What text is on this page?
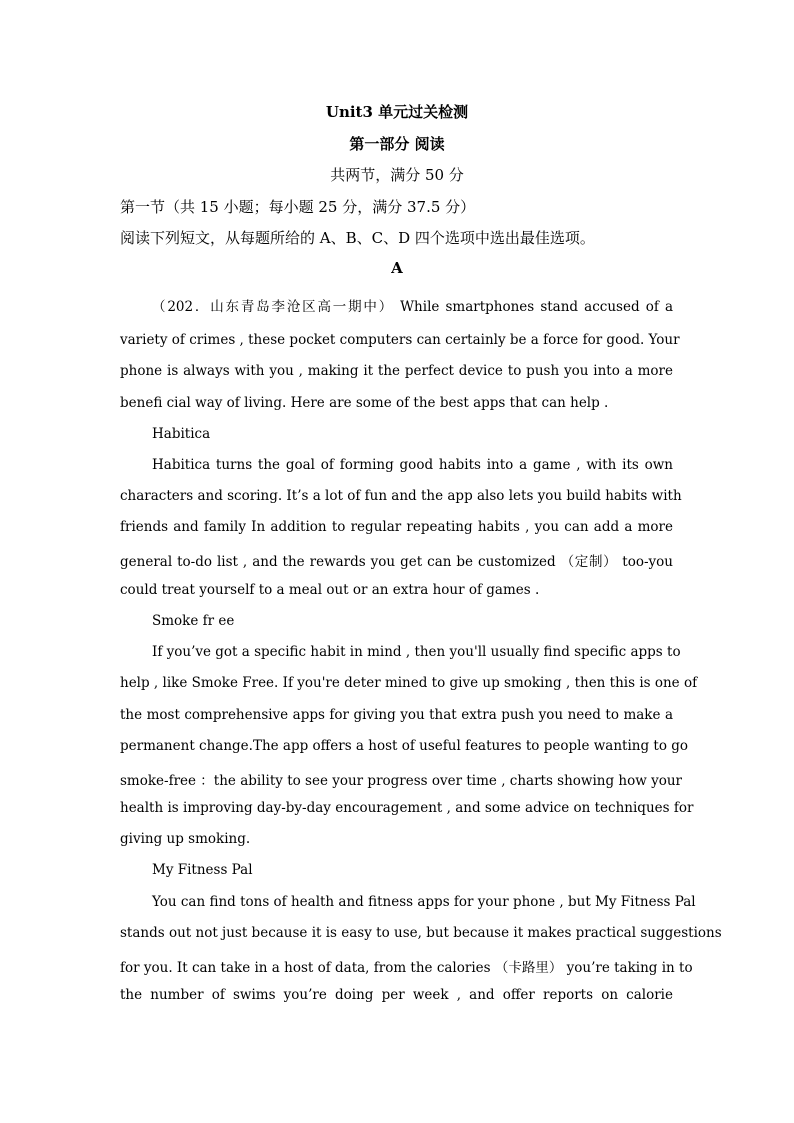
Unit3 单元过关检测
第一部分 阅读
共两节，满分 50 分
第一节（共 15 小题；每小题 25 分，满分 37.5 分）
阅读下列短文，从每题所给的 A、B、C、D 四个选项中选出最佳选项。
A
（202．山东青岛李沧区高一期中） While smartphones stand accused of a
variety of crimes , these pocket computers can certainly be a force for good. Your
phone is always with you , making it the perfect device to push you into a more
benefi cial way of living. Here are some of the best apps that can help .
Habitica
Habitica turns the goal of forming good habits into a game , with its own
characters and scoring. It’s a lot of fun and the app also lets you build habits with
friends and family In addition to regular repeating habits , you can add a more
general to-do list , and the rewards you get can be customized （定制） too-you
could treat yourself to a meal out or an extra hour of games .
Smoke fr ee
If you’ve got a specific habit in mind , then you'll usually find specific apps to
help , like Smoke Free. If you're deter mined to give up smoking , then this is one of
the most comprehensive apps for giving you that extra push you need to make a
permanent change.The app offers a host of useful features to people wanting to go
smoke-free ：the ability to see your progress over time , charts showing how your
health is improving day-by-day encouragement , and some advice on techniques for
giving up smoking.
My Fitness Pal
You can find tons of health and fitness apps for your phone , but My Fitness Pal
stands out not just because it is easy to use, but because it makes practical suggestions
for you. It can take in a host of data, from the calories （卡路里） you’re taking in to
the number of swims you’re doing per week , and offer reports on calorie
